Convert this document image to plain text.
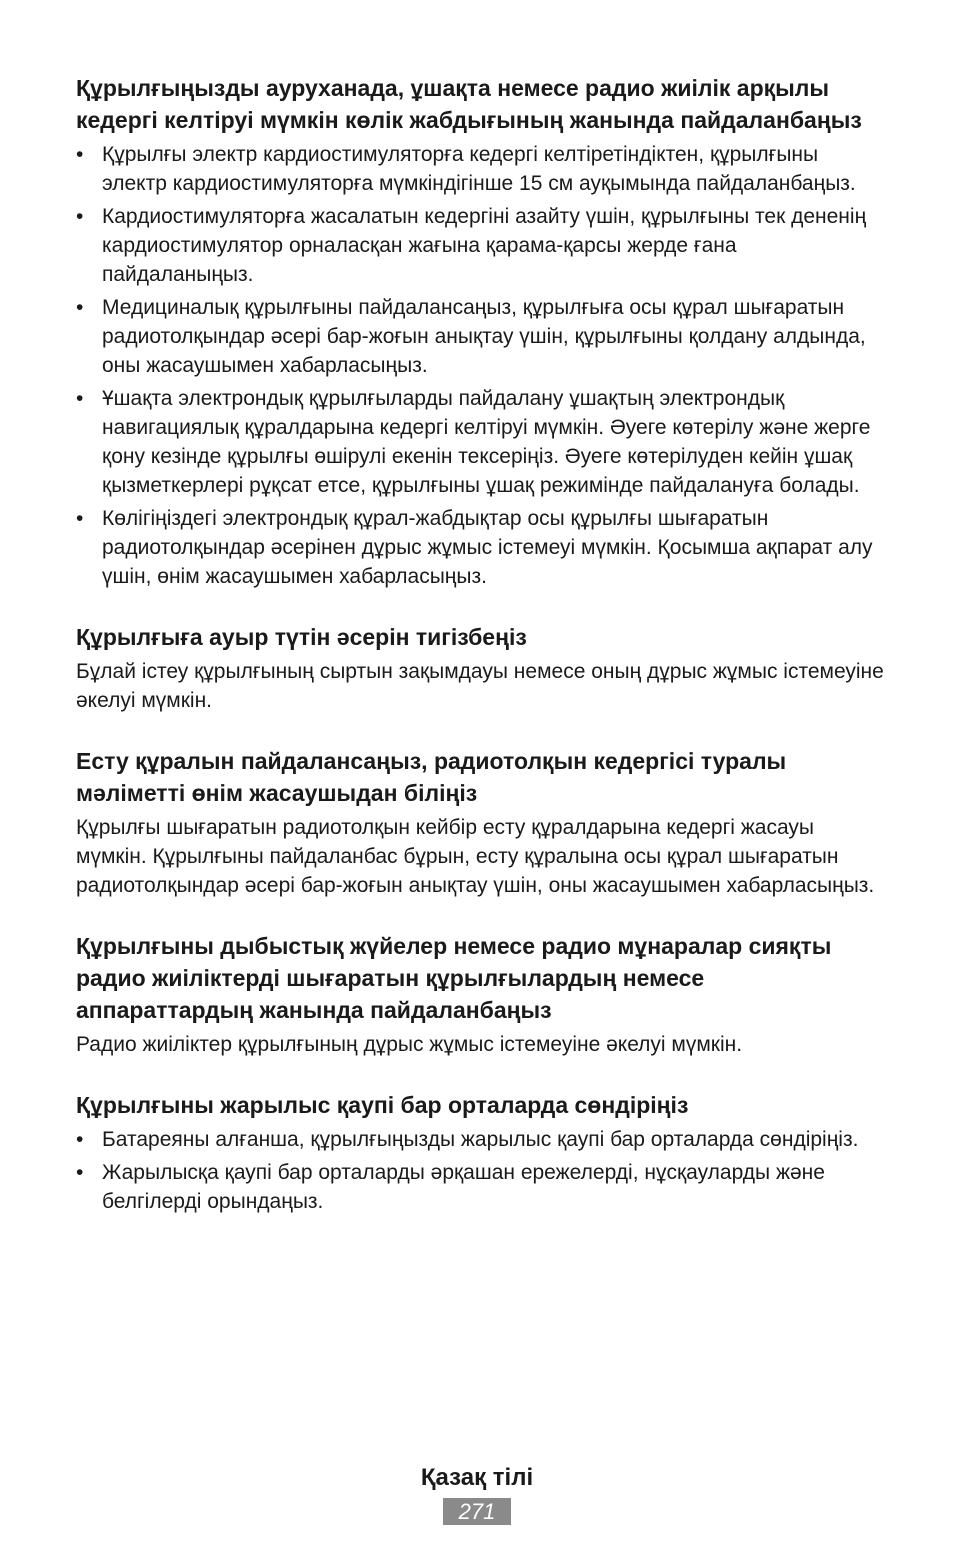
Құрылғыңызды ауруханада, ұшақта немесе радио жиілік арқылы кедергі келтіруі мүмкін көлік жабдығының жанында пайдаланбаңыз
• Құрылғы электр кардиостимуляторға кедергі келтіретіндіктен, құрылғыны электр кардиостимуляторға мүмкіндігінше 15 см ауқымында пайдаланбаңыз.
• Кардиостимуляторға жасалатын кедергіні азайту үшін, құрылғыны тек дененің кардиостимулятор орналасқан жағына қарама-қарсы жерде ғана пайдаланыңыз.
• Медициналық құрылғыны пайдалансаңыз, құрылғыға осы құрал шығаратын радиотолқындар әсері бар-жоғын анықтау үшін, құрылғыны қолдану алдында, оны жасаушымен хабарласыңыз.
• Ұшақта электрондық құрылғыларды пайдалану ұшақтың электрондық навигациялық құралдарына кедергі келтіруі мүмкін. Әуеге көтерілу және жерге қону кезінде құрылғы өшірулі екенін тексеріңіз. Әуеге көтерілуден кейін ұшақ қызметкерлері рұқсат етсе, құрылғыны ұшақ режимінде пайдалануға болады.
• Көлігіңіздегі электрондық құрал-жабдықтар осы құрылғы шығаратын радиотолқындар әсерінен дұрыс жұмыс істемеуі мүмкін. Қосымша ақпарат алу үшін, өнім жасаушымен хабарласыңыз.
Құрылғыға ауыр түтін әсерін тигізбеңіз

Бұлай істеу құрылғының сыртын зақымдауы немесе оның дұрыс жұмыс істемеуіне әкелуі мүмкін.

Есту құралын пайдалансаңыз, радиотолқын кедергісі туралы мәліметті өнім жасаушыдан біліңіз

Құрылғы шығаратын радиотолқын кейбір есту құралдарына кедергі жасауы мүмкін. Құрылғыны пайдаланбас бұрын, есту құралына осы құрал шығаратын радиотолқындар әсері бар-жоғын анықтау үшін, оны жасаушымен хабарласыңыз.

Құрылғыны дыбыстық жүйелер немесе радио мұнаралар сияқты радио жиіліктерді шығаратын құрылғылардың немесе аппараттардың жанында пайдаланбаңыз

Радио жиіліктер құрылғының дұрыс жұмыс істемеуіне әкелуі мүмкін.

Құрылғыны жарылыс қаупі бар орталарда сөндіріңіз
• Батареяны алғанша, құрылғыңызды жарылыс қаупі бар орталарда сөндіріңіз.
• Жарылысқа қаупі бар орталарды әрқашан ережелерді, нұсқауларды және белгілерді орындаңыз.
Қазақ тілі
271
